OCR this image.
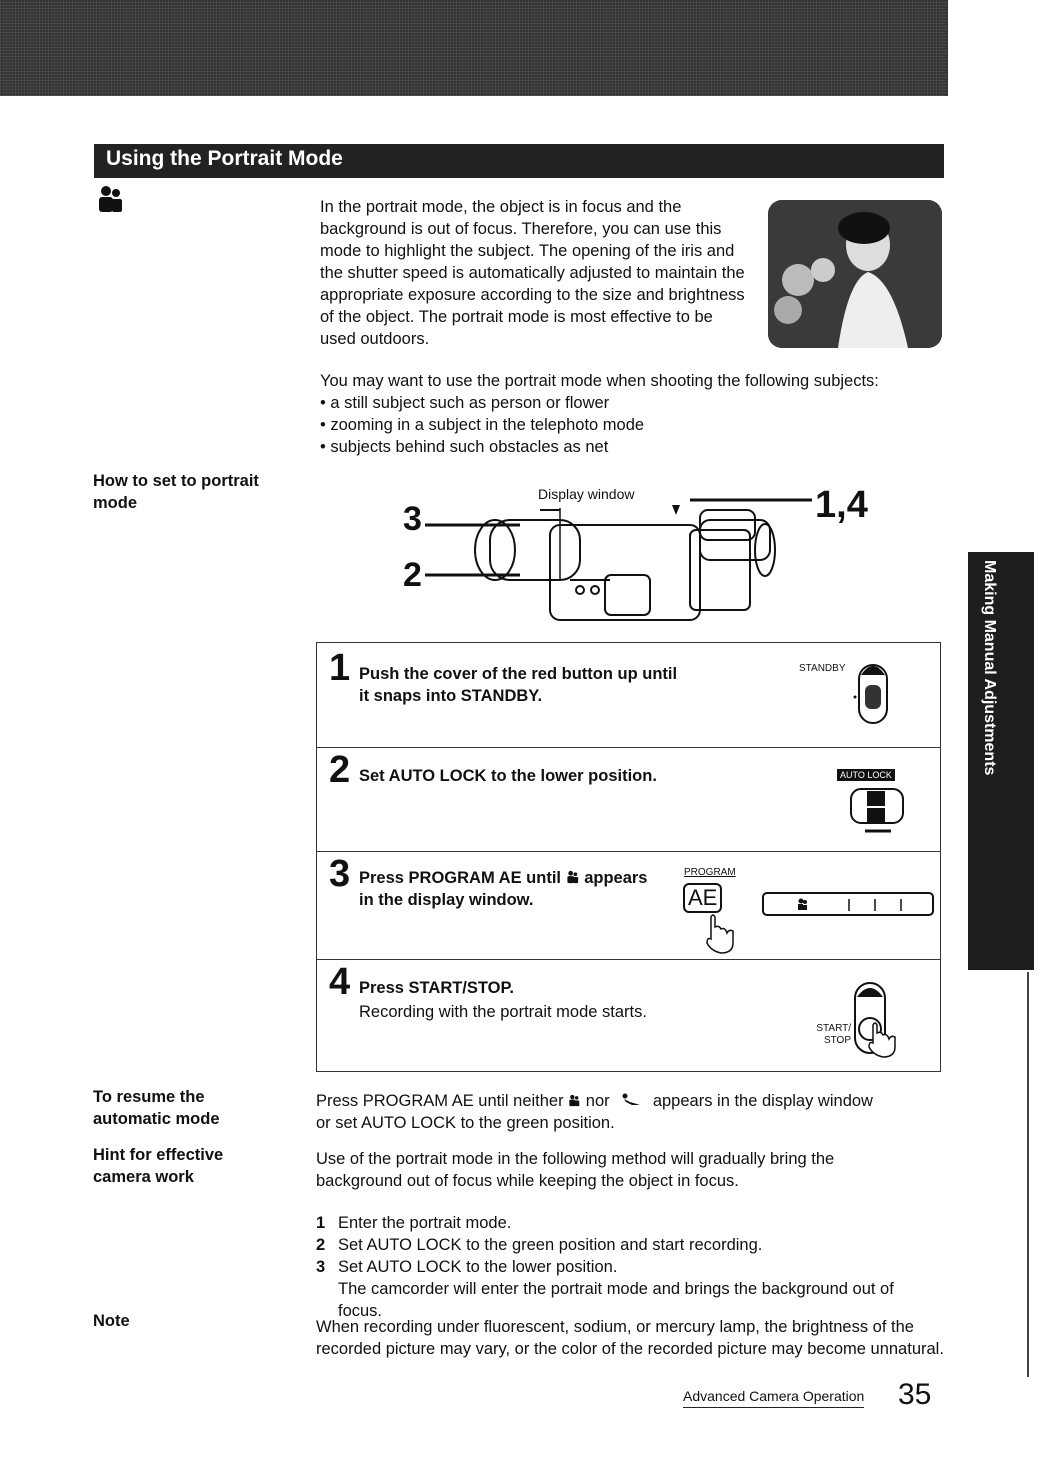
Using the Portrait Mode
In the portrait mode, the object is in focus and the background is out of focus. Therefore, you can use this mode to highlight the subject. The opening of the iris and the shutter speed is automatically adjusted to maintain the appropriate exposure according to the size and brightness of the object. The portrait mode is most effective to be used outdoors.
You may want to use the portrait mode when shooting the following subjects:
• a still subject such as person or flower
• zooming in a subject in the telephoto mode
• subjects behind such obstacles as net
How to set to portrait mode	Display window	1,4
3
2
1 Push the cover of the red button up until it snaps into STANDBY.
STANDBY
2 Set AUTO LOCK to the lower position.	AUTO LOCK
3 Press PROGRAM AE until appears
in the display window.
PROGRAM
AE
4 Press START/STOP.
Recording with the portrait mode starts.
START/
STOP
Making Manual Adjustments
To resume the
automatic mode
Press PROGRAM AE until neither nor	appears in the display window
or set AUTO LOCK to the green position.
Hint for effective
camera work
Use of the portrait mode in the following method will gradually bring the background out of focus while keeping the object in focus.
1 Enter the portrait mode.
2 Set AUTO LOCK to the green position and start recording.
3 Set AUTO LOCK to the lower position.
The camcorder will enter the portrait mode and brings the background out of focus.
Note	When recording under fluorescent, sodium, or mercury lamp, the brightness of the recorded picture may vary, or the color of the recorded picture may become unnatural.
Advanced Camera Operation 35
